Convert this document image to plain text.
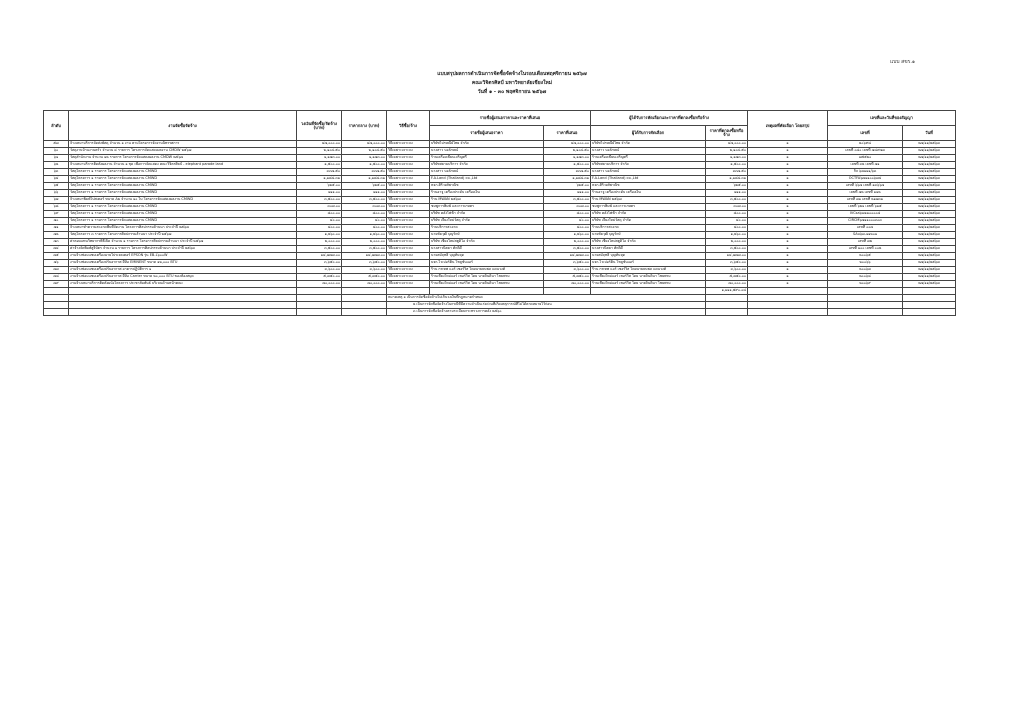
แบบ สขร.๑
แบบสรุปผลการดำเนินการจัดซื้อจัดจ้างในรอบเดือนพฤศจิกายน ๒๕๖๗
คณะวิจิตรศิลป์ มหาวิทยาลัยเชียงใหม่
วันที่ ๑ - ๓๐ พฤศจิกายน ๒๕๖๗
ลำดับ	งานจัดซื้อจัดจ้าง	วงเงินที่จัดซื้อ/จัดจ้าง (บาท)	ราคากลาง (บาท)	วิธีซื้อ/จ้าง	รายชื่อผู้เสนอราคาและราคาที่เสนอ		ผู้ได้รับการคัดเลือกและราคาที่ตกลงซื้อหรือจ้าง		เหตุผลที่คัดเลือก โดยสรุป	เลขที่และวันที่ของสัญญา	
					รายชื่อผู้เสนอราคา	ราคาที่เสนอ	ผู้ได้รับการคัดเลือก	ราคาที่ตกลงซื้อหรือจ้าง		เลขที่	วันที่
๕๗	จ้างเหมาบริการจัดส่งพัสดุ จำนวน ๑ งาน ตามโครงการจัดงานนิทรรศการ	๔๗,๐๐๐.๐๐	๔๗,๐๐๐.๐๐	วิธีเฉพาะเจาะจง	บริษัทไปรษณีย์ไทย จำกัด	๔๗,๐๐๐.๐๐	บริษัทไปรษณีย์ไทย จำกัด	๔๗,๐๐๐.๐๐	๑	๒๐๖๙๘	๒๗/๑๑/๒๕๖๗
๖๐	วัสดุงานบ้านงานครัว จำนวน ๔ รายการ โครงการจัดแสดงผลงาน CMDW ๒๕๖๗	๒,๑๐๔.๕๐	๒,๑๐๔.๕๐	วิธีเฉพาะเจาะจง	นางสาว นงลักษณ์	๒,๑๐๔.๕๐	นางสาว นงลักษณ์	๒,๑๐๔.๕๐	๑	เลขที่ ๐๘๐ เลขที่ ๗๘๙๗๗	๒๗/๑๑/๒๕๖๗
๖๑	วัสดุสำนักงาน จำนวน ๑๒ รายการ โครงการจัดแสดงผลงาน CMDW ๒๕๖๗	๑,๑๗๓.๐๐	๑,๑๗๓.๐๐	วิธีเฉพาะเจาะจง	ร้านเครื่องเขียนเจริญศรี	๑,๑๗๓.๐๐	ร้านเครื่องเขียนเจริญศรี	๑,๑๗๓.๐๐	๑	๗๕๕๒๐	๒๗/๑๑/๒๕๖๗
๖๒	จ้างเหมาบริการติดตั้งผลงาน จำนวน ๑ ชุด เพื่อการจัดแสดง คณะวิจิตรศิลป์ - elephant parade land	๑,๕๐๐.๐๐	๑,๕๐๐.๐๐	วิธีเฉพาะเจาะจง	บริษัทสยามบริการ จำกัด	๑,๕๐๐.๐๐	บริษัทสยามบริการ จำกัด	๑,๕๐๐.๐๐	๑	เลขที่ ๓๒ เลขที่ ๗๑	๒๗/๑๑/๒๕๖๗
๖๓	วัสดุโครงการ ๑ รายการ โครงการจัดแสดงผลงาน CMWD	๓๓๗.๕๐	๓๓๗.๕๐	วิธีเฉพาะเจาะจง	นางสาว นงลักษณ์	๓๓๗.๕๐	นางสาว นงลักษณ์	๓๓๗.๕๐	๑	กิจ ๖๗๑๑๑/๖๓	๒๗/๑๑/๒๕๖๗
๖๔	วัสดุโครงการ ๑ รายการ โครงการจัดแสดงผลงาน CMWD	๑,๑๘๔.๓๑	๑,๑๘๔.๓๑	วิธีเฉพาะเจาะจง	F.A.Land (Thailand) co.,Ltd	๑,๑๘๔.๓๑	F.A.Land (Thailand) co.,Ltd	๑,๑๘๔.๓๑	๑	OCTFA๖๗๑๑๐๐๖๗๔	๒๗/๑๑/๒๕๖๗
๖๕	วัสดุโครงการ ๑ รายการ โครงการจัดแสดงผลงาน CMWD	๖๒๕.๐๐	๖๒๕.๐๐	วิธีเฉพาะเจาะจง	หจก.ศิริวงศ์พาณิช	๖๒๕.๐๐	หจก.ศิริวงศ์พาณิช	๖๒๕.๐๐	๑	เลขที่ ๖๖๗ เลขที่ ๑๓๖๖๗	๒๗/๑๑/๒๕๖๗
๖๖	วัสดุโครงการ ๑ รายการ โครงการจัดแสดงผลงาน CMWD	๑๑๑.๐๐	๑๑๑.๐๐	วิธีเฉพาะเจาะจง	ร้านอาจู เครื่องประดับ เครื่องเงิน	๑๑๑.๐๐	ร้านอาจู เครื่องประดับ เครื่องเงิน	๑๑๑.๐๐	๑	เลขที่ ๗๒ เลขที่ ๑๑๒	๒๗/๑๑/๒๕๖๗
๖๗	จ้างเหมาพิมพ์โปสเตอร์ ขนาด A๒ จำนวน ๑๐ ใบ โครงการจัดแสดงผลงาน CMWD	๓,๕๐๐.๐๐	๓,๕๐๐.๐๐	วิธีเฉพาะเจาะจง	ร้าน MWAN ๒๕๖๗	๓,๕๐๐.๐๐	ร้าน MWAN ๒๕๖๗	๓,๕๐๐.๐๐	๑	เลขที่ ๗๑ เลขที่ ๒๑๗๓๑	๒๗/๑๑/๒๕๖๗
๖๘	วัสดุโครงการ ๑ รายการ โครงการจัดแสดงผลงาน CMWD	๓๐๗.๐๐	๓๐๗.๐๐	วิธีเฉพาะเจาะจง	ชมพูการพิมพ์ และการเกษตร	๓๐๗.๐๐	ชมพูการพิมพ์ และการเกษตร	๓๐๗.๐๐	๑	เลขที่ ๖๒๑ เลขที่ ๖๑๕	๒๗/๑๑/๒๕๖๗
๖๙	วัสดุโครงการ ๑ รายการ โครงการจัดแสดงผลงาน CMWD	๘๐๐.๐๐	๘๐๐.๐๐	วิธีเฉพาะเจาะจง	บริษัท คลังไฟฟ้า จำกัด	๘๐๐.๐๐	บริษัท คลังไฟฟ้า จำกัด	๘๐๐.๐๐	๑	IVCsa๖๗๑๑๐๐๐๐๘	๒๗/๑๑/๒๕๖๗
๗๐	วัสดุโครงการ ๑ รายการ โครงการจัดแสดงผลงาน CMWD	๔๐.๐๐	๔๐.๐๐	วิธีเฉพาะเจาะจง	บริษัท เจียงใหม่วัสดุ จำกัด	๔๐.๐๐	บริษัท เจียงใหม่วัสดุ จำกัด	๔๐.๐๐	๑	CIRCM๖๗๑๑๐๐๐๓๐๓	๒๗/๑๑/๒๕๖๗
๗๑	จ้างเหมาทำความสะอาดพื้นที่จัดงาน โครงการศิลปกรรมล้านนา ประจำปี ๒๕๖๗	๔๐๐.๐๐	๔๐๐.๐๐	วิธีเฉพาะเจาะจง	ร้านบริการสะอาด	๔๐๐.๐๐	ร้านบริการสะอาด	๔๐๐.๐๐	๑	เลขที่ ๐๐๗	๒๗/๑๑/๒๕๖๗
๗๒	วัสดุโครงการ ๓ รายการ โครงการศิลปกรรมล้านนา ประจำปี ๒๕๖๗	๑,๒๖๐.๐๐	๑,๒๖๐.๐๐	วิธีเฉพาะเจาะจง	นายชัยวุฒิ บุญรักษ์	๑,๒๖๐.๐๐	นายชัยวุฒิ บุญรักษ์	๑,๒๖๐.๐๐	๑	SAบ๖๗-๑๑๒๐๑	๒๗/๑๑/๒๕๖๗
๗๓	ค่าตอบแทนวิทยากรพิธีเปิด จำนวน ๑ รายการ โครงการศิลปกรรมล้านนา ประจำปี ๒๕๖๗	๒,๐๐๐.๐๐	๒,๐๐๐.๐๐	วิธีเฉพาะเจาะจง	บริษัท เชียงใหม่สตูดิโอ จำกัด	๒,๐๐๐.๐๐	บริษัท เชียงใหม่สตูดิโอ จำกัด	๒,๐๐๐.๐๐	๑	เลขที่ ๗๒	๒๗/๑๑/๒๕๖๗
๗๔	ค่าจ้างจัดพิมพ์สูจิบัตร จำนวน ๑ รายการ โครงการศิลปกรรมล้านนา ประจำปี ๒๕๖๗	๓,๕๐๐.๐๐	๓,๕๐๐.๐๐	วิธีเฉพาะเจาะจง	นางสาวนิตยา ศักดิ์ดี	๓,๕๐๐.๐๐	นางสาวนิตยา ศักดิ์ดี	๓,๕๐๐.๐๐	๑	เลขที่ ๑๐๐ เลขที่ ๐๐๒	๒๗/๑๑/๒๕๖๗
๗๕	งานจ้างซ่อมแซมเครื่องฉายโปรเจคเตอร์ EPSON รุ่น EB-L๖๐๐W	๑๔,๗๗๗.๐๐	๑๔,๗๗๗.๐๐	วิธีเฉพาะเจาะจง	นายสมัฤทธิ์ บุญทันหุด	๑๔,๗๗๗.๐๐	นายสมัฤทธิ์ บุญทันหุด	๑๔,๗๗๗.๐๐	๑	๒๐๐๖๕	๒๗/๑๑/๒๕๖๗
๗๖	งานจ้างซ่อมแซมเครื่องปรับอากาศ ยี่ห้อ EMINENT ขนาด ๑๒,๐๐๐ BTU	๓,๖๕๐.๐๐	๓,๖๕๐.๐๐	วิธีเฉพาะเจาะจง	บจก.ไวเปอร์คิน โซลูชั่นแอร์	๓,๖๕๐.๐๐	บจก.ไวเปอร์คิน โซลูชั่นแอร์	๓,๖๕๐.๐๐	๑	๒๐๐๖๖	๒๗/๑๑/๒๕๖๗
๗๗	งานจ้างซ่อมแซมเครื่องปรับอากาศ อาคารปฏิบัติการ ๑	๓,๖๐๐.๐๐	๓,๖๐๐.๐๐	วิธีเฉพาะเจาะจง	ร้าน กรเทพ แอร์ เซอร์วิส โดยนายธนพล แดนวงศ์	๓,๖๐๐.๐๐	ร้าน กรเทพ แอร์ เซอร์วิส โดยนายธนพล แดนวงศ์	๓,๖๐๐.๐๐	๑	๒๐๐๖๗	๒๗/๑๑/๒๕๖๗
๗๘	งานจ้างซ่อมแซมเครื่องปรับอากาศ ยี่ห้อ Carrier ขนาด ๒๐,๐๐๐ BTU ของห้องสมุด	๕,๗๕๐.๐๐	๕,๗๕๐.๐๐	วิธีเฉพาะเจาะจง	ร้านเชียงใหม่แอร์ เซอร์วิส โดย นายจินดินา ไชยพรม	๕,๗๕๐.๐๐	ร้านเชียงใหม่แอร์ เซอร์วิส โดย นายจินดินา ไชยพรม	๕,๗๕๐.๐๐	๑	๒๐๐๖๘	๒๗/๑๑/๒๕๖๗
๗๙	งานจ้างเหมาบริการติดตั้งผนังโครงการ ประชาสัมพันธ์ บริเวณด้านหน้าคณะ	๗๐,๐๐๐.๐๐	๗๐,๐๐๐.๐๐	วิธีเฉพาะเจาะจง	ร้านเชียงใหม่แอร์ เซอร์วิส โดย นายจินดินา ไชยพรม	๗๐,๐๐๐.๐๐	ร้านเชียงใหม่แอร์ เซอร์วิส โดย นายจินดินา ไชยพรม	๗๐,๐๐๐.๐๐	๑	๒๐๐๖๙	๒๗/๑๑/๒๕๖๗
								๑,๑๑๑,๕๙๐.๐๘			
				หมายเหตุ ๑ เป็นการจัดซื้อจัดจ้างไม่เกินวงเงินที่กฎหมายกำหนด							
				๒ เป็นการจัดซื้อจัดจ้างในกรณีที่มีความจำเป็นเร่งด่วนที่เกิดเหตุการณ์ที่ไม่ได้คาดหมายไว้ก่อน							
				๓ เป็นการจัดซื้อจัดจ้างตามระเบียบกระทรวงการคลัง ๒๕๖๐							
